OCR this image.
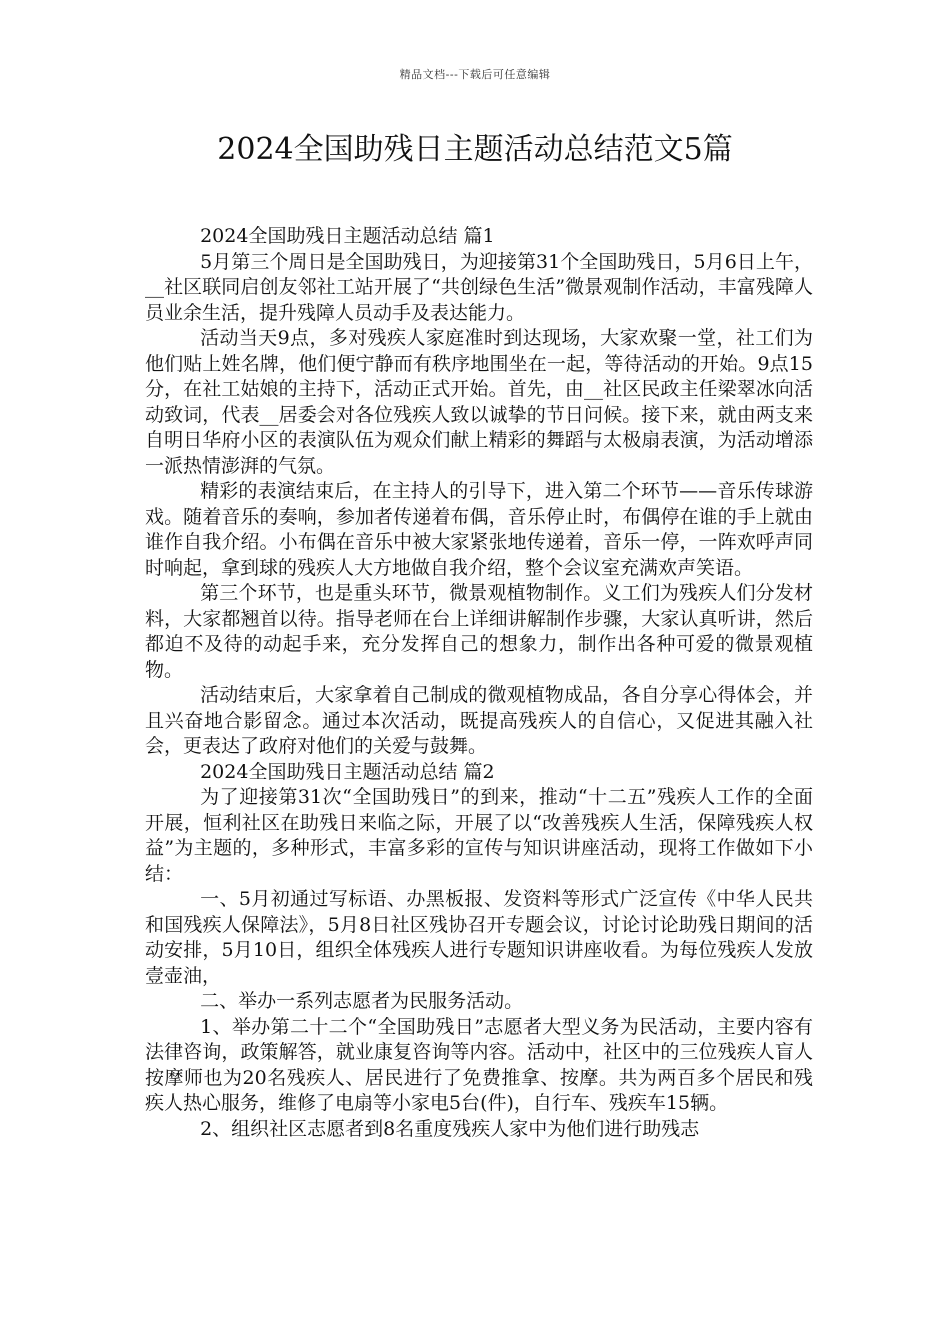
精品文档---下载后可任意编辑
2024全国助残日主题活动总结范文5篇

2024全国助残日主题活动总结 篇1

5月第三个周日是全国助残日，为迎接第31个全国助残日，5月6日上午，__社区联同启创友邻社工站开展了“共创绿色生活”微景观制作活动，丰富残障人员业余生活，提升残障人员动手及表达能力。

活动当天9点，多对残疾人家庭准时到达现场，大家欢聚一堂，社工们为他们贴上姓名牌，他们便宁静而有秩序地围坐在一起，等待活动的开始。9点15分，在社工姑娘的主持下，活动正式开始。首先，由__社区民政主任梁翠冰向活动致词，代表__居委会对各位残疾人致以诚挚的节日问候。接下来，就由两支来自明日华府小区的表演队伍为观众们献上精彩的舞蹈与太极扇表演，为活动增添一派热情澎湃的气氛。

精彩的表演结束后，在主持人的引导下，进入第二个环节——音乐传球游戏。随着音乐的奏响，参加者传递着布偶，音乐停止时，布偶停在谁的手上就由谁作自我介绍。小布偶在音乐中被大家紧张地传递着，音乐一停，一阵欢呼声同时响起，拿到球的残疾人大方地做自我介绍，整个会议室充满欢声笑语。

第三个环节，也是重头环节，微景观植物制作。义工们为残疾人们分发材料，大家都翘首以待。指导老师在台上详细讲解制作步骤，大家认真听讲，然后都迫不及待的动起手来，充分发挥自己的想象力，制作出各种可爱的微景观植物。

活动结束后，大家拿着自己制成的微观植物成品，各自分享心得体会，并且兴奋地合影留念。通过本次活动，既提高残疾人的自信心，又促进其融入社会，更表达了政府对他们的关爱与鼓舞。

2024全国助残日主题活动总结 篇2

为了迎接第31次“全国助残日”的到来，推动“十二五”残疾人工作的全面开展，恒利社区在助残日来临之际，开展了以“改善残疾人生活，保障残疾人权益”为主题的，多种形式，丰富多彩的宣传与知识讲座活动，现将工作做如下小结：

一、5月初通过写标语、办黑板报、发资料等形式广泛宣传《中华人民共和国残疾人保障法》，5月8日社区残协召开专题会议，讨论讨论助残日期间的活动安排，5月10日，组织全体残疾人进行专题知识讲座收看。为每位残疾人发放壹壶油，

二、举办一系列志愿者为民服务活动。

1、举办第二十二个“全国助残日”志愿者大型义务为民活动，主要内容有法律咨询，政策解答，就业康复咨询等内容。活动中，社区中的三位残疾人盲人按摩师也为20名残疾人、居民进行了免费推拿、按摩。共为两百多个居民和残疾人热心服务，维修了电扇等小家电5台(件)，自行车、残疾车15辆。

2、组织社区志愿者到8名重度残疾人家中为他们进行助残志
